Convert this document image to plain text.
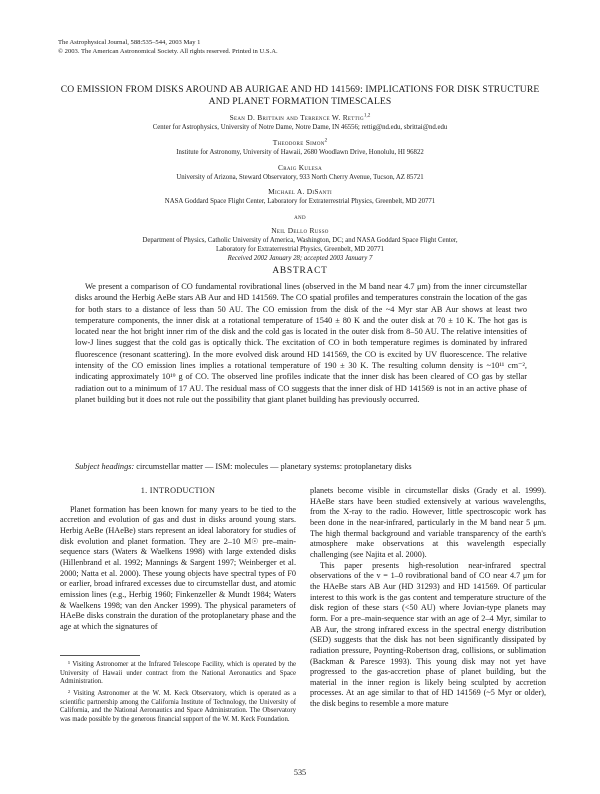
The Astrophysical Journal, 588:535–544, 2003 May 1
© 2003. The American Astronomical Society. All rights reserved. Printed in U.S.A.
CO EMISSION FROM DISKS AROUND AB AURIGAE AND HD 141569: IMPLICATIONS FOR DISK STRUCTURE AND PLANET FORMATION TIMESCALES
Sean D. Brittain and Terrence W. Rettig$^{1,2}$
Center for Astrophysics, University of Notre Dame, Notre Dame, IN 46556; rettig@nd.edu, sbrittai@nd.edu
Theodore Simon$^2$
Institute for Astronomy, University of Hawaii, 2680 Woodlawn Drive, Honolulu, HI 96822
Craig Kulesa
University of Arizona, Steward Observatory, 933 North Cherry Avenue, Tucson, AZ 85721
Michael A. DiSanti
NASA Goddard Space Flight Center, Laboratory for Extraterrestrial Physics, Greenbelt, MD 20771
and
Neil Dello Russo
Department of Physics, Catholic University of America, Washington, DC; and NASA Goddard Space Flight Center,
Laboratory for Extraterrestrial Physics, Greenbelt, MD 20771
Received 2002 January 28; accepted 2003 January 7
ABSTRACT

We present a comparison of CO fundamental rovibrational lines (observed in the M band near 4.7 μm) from the inner circumstellar disks around the Herbig AeBe stars AB Aur and HD 141569. The CO spatial profiles and temperatures constrain the location of the gas for both stars to a distance of less than 50 AU. The CO emission from the disk of the ~4 Myr star AB Aur shows at least two temperature components, the inner disk at a rotational temperature of 1540 ± 80 K and the outer disk at 70 ± 10 K. The hot gas is located near the hot bright inner rim of the disk and the cold gas is located in the outer disk from 8–50 AU. The relative intensities of low-J lines suggest that the cold gas is optically thick. The excitation of CO in both temperature regimes is dominated by infrared fluorescence (resonant scattering). In the more evolved disk around HD 141569, the CO is excited by UV fluorescence. The relative intensity of the CO emission lines implies a rotational temperature of 190 ± 30 K. The resulting column density is ~10¹¹ cm⁻², indicating approximately 10¹⁹ g of CO. The observed line profiles indicate that the inner disk has been cleared of CO gas by stellar radiation out to a minimum of 17 AU. The residual mass of CO suggests that the inner disk of HD 141569 is not in an active phase of planet building but it does not rule out the possibility that giant planet building has previously occurred.

Subject headings: circumstellar matter — ISM: molecules — planetary systems: protoplanetary disks
1. INTRODUCTION

Planet formation has been known for many years to be tied to the accretion and evolution of gas and dust in disks around young stars. Herbig AeBe (HAeBe) stars represent an ideal laboratory for studies of disk evolution and planet formation. They are 2–10 M☉ pre–main-sequence stars (Waters & Waelkens 1998) with large extended disks (Hillenbrand et al. 1992; Mannings & Sargent 1997; Weinberger et al. 2000; Natta et al. 2000). These young objects have spectral types of F0 or earlier, broad infrared excesses due to circumstellar dust, and atomic emission lines (e.g., Herbig 1960; Finkenzeller & Mundt 1984; Waters & Waelkens 1998; van den Ancker 1999). The physical parameters of HAeBe disks constrain the duration of the protoplanetary phase and the age at which the signatures of

planets become visible in circumstellar disks (Grady et al. 1999). HAeBe stars have been studied extensively at various wavelengths, from the X-ray to the radio. However, little spectroscopic work has been done in the near-infrared, particularly in the M band near 5 μm. The high thermal background and variable transparency of the earth's atmosphere make observations at this wavelength especially challenging (see Najita et al. 2000).

This paper presents high-resolution near-infrared spectral observations of the v = 1–0 rovibrational band of CO near 4.7 μm for the HAeBe stars AB Aur (HD 31293) and HD 141569. Of particular interest to this work is the gas content and temperature structure of the disk region of these stars (<50 AU) where Jovian-type planets may form. For a pre–main-sequence star with an age of 2–4 Myr, similar to AB Aur, the strong infrared excess in the spectral energy distribution (SED) suggests that the disk has not been significantly dissipated by radiation pressure, Poynting-Robertson drag, collisions, or sublimation (Backman & Paresce 1993). This young disk may not yet have progressed to the gas-accretion phase of planet building, but the material in the inner region is likely being sculpted by accretion processes. At an age similar to that of HD 141569 (~5 Myr or older), the disk begins to resemble a more mature

¹ Visiting Astronomer at the Infrared Telescope Facility, which is operated by the University of Hawaii under contract from the National Aeronautics and Space Administration.

² Visiting Astronomer at the W. M. Keck Observatory, which is operated as a scientific partnership among the California Institute of Technology, the University of California, and the National Aeronautics and Space Administration. The Observatory was made possible by the generous financial support of the W. M. Keck Foundation.

535
